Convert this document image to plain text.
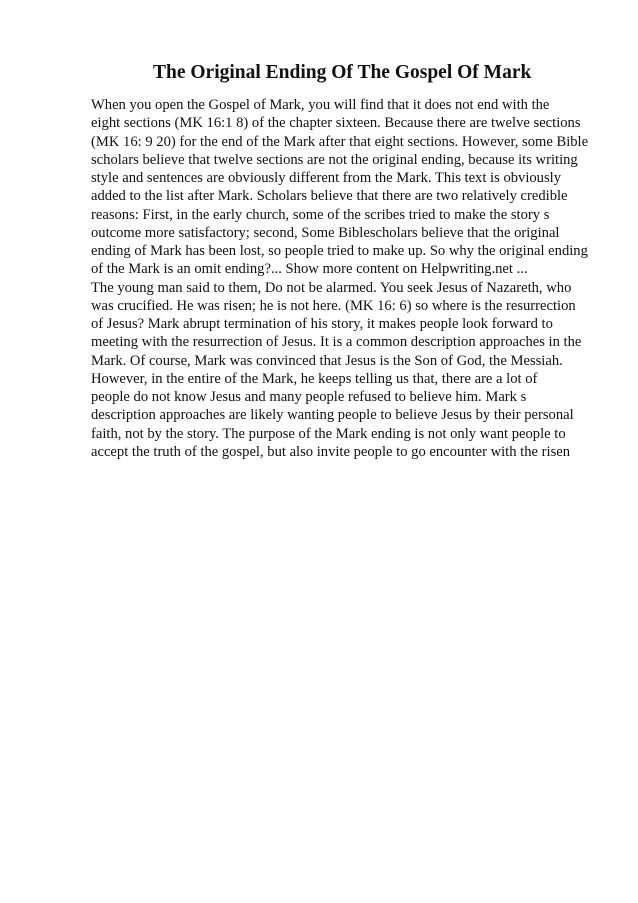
The Original Ending Of The Gospel Of Mark
When you open the Gospel of Mark, you will find that it does not end with the
eight sections (MK 16:1 8) of the chapter sixteen. Because there are twelve sections
(MK 16: 9 20) for the end of the Mark after that eight sections. However, some Bible
scholars believe that twelve sections are not the original ending, because its writing
style and sentences are obviously different from the Mark. This text is obviously
added to the list after Mark. Scholars believe that there are two relatively credible
reasons: First, in the early church, some of the scribes tried to make the story s
outcome more satisfactory; second, Some Biblescholars believe that the original
ending of Mark has been lost, so people tried to make up. So why the original ending
of the Mark is an omit ending?... Show more content on Helpwriting.net ...
The young man said to them, Do not be alarmed. You seek Jesus of Nazareth, who
was crucified. He was risen; he is not here. (MK 16: 6) so where is the resurrection
of Jesus? Mark abrupt termination of his story, it makes people look forward to
meeting with the resurrection of Jesus. It is a common description approaches in the
Mark. Of course, Mark was convinced that Jesus is the Son of God, the Messiah.
However, in the entire of the Mark, he keeps telling us that, there are a lot of
people do not know Jesus and many people refused to believe him. Mark s
description approaches are likely wanting people to believe Jesus by their personal
faith, not by the story. The purpose of the Mark ending is not only want people to
accept the truth of the gospel, but also invite people to go encounter with the risen
